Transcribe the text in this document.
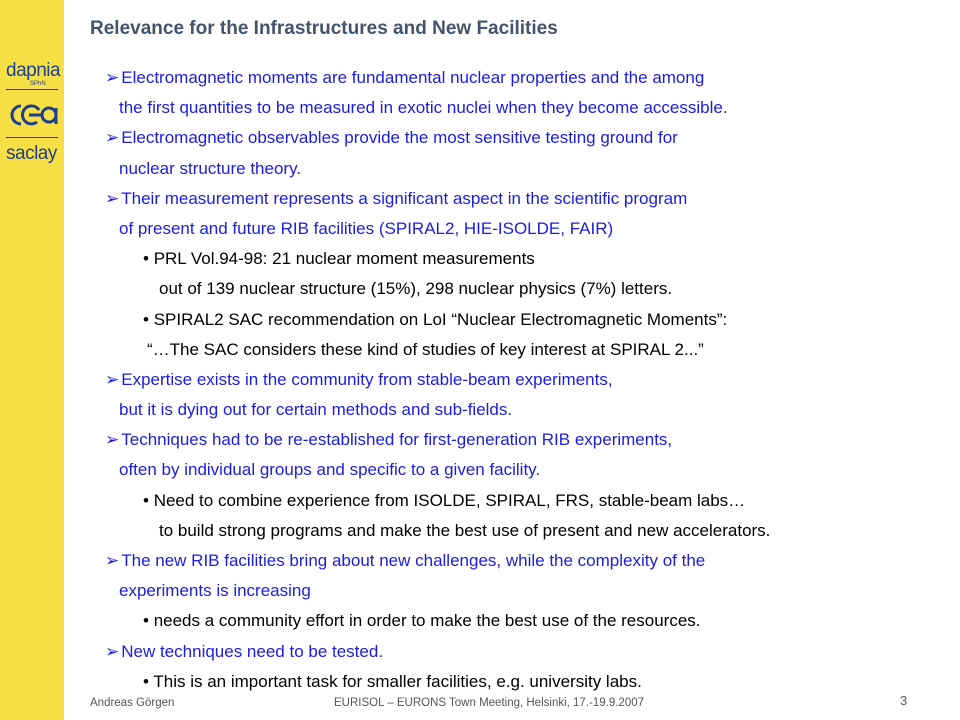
dapnia
SPhN
saclay
Relevance for the Infrastructures and New Facilities
➢ Electromagnetic moments are fundamental nuclear properties and the among
the first quantities to be measured in exotic nuclei when they become accessible.
➢ Electromagnetic observables provide the most sensitive testing ground for
nuclear structure theory.
➢ Their measurement represents a significant aspect in the scientific program
of present and future RIB facilities (SPIRAL2, HIE-ISOLDE, FAIR)
• PRL Vol.94-98: 21 nuclear moment measurements
out of 139 nuclear structure (15%), 298 nuclear physics (7%) letters.
• SPIRAL2 SAC recommendation on LoI “Nuclear Electromagnetic Moments”:
“…The SAC considers these kind of studies of key interest at SPIRAL 2...”
➢ Expertise exists in the community from stable-beam experiments,
but it is dying out for certain methods and sub-fields.
➢ Techniques had to be re-established for first-generation RIB experiments,
often by individual groups and specific to a given facility.
• Need to combine experience from ISOLDE, SPIRAL, FRS, stable-beam labs…
to build strong programs and make the best use of present and new accelerators.
➢ The new RIB facilities bring about new challenges, while the complexity of the
experiments is increasing
• needs a community effort in order to make the best use of the resources.
➢ New techniques need to be tested.
• This is an important task for smaller facilities, e.g. university labs.
Andreas Görgen	EURISOL – EURONS Town Meeting, Helsinki, 17.-19.9.2007	3
